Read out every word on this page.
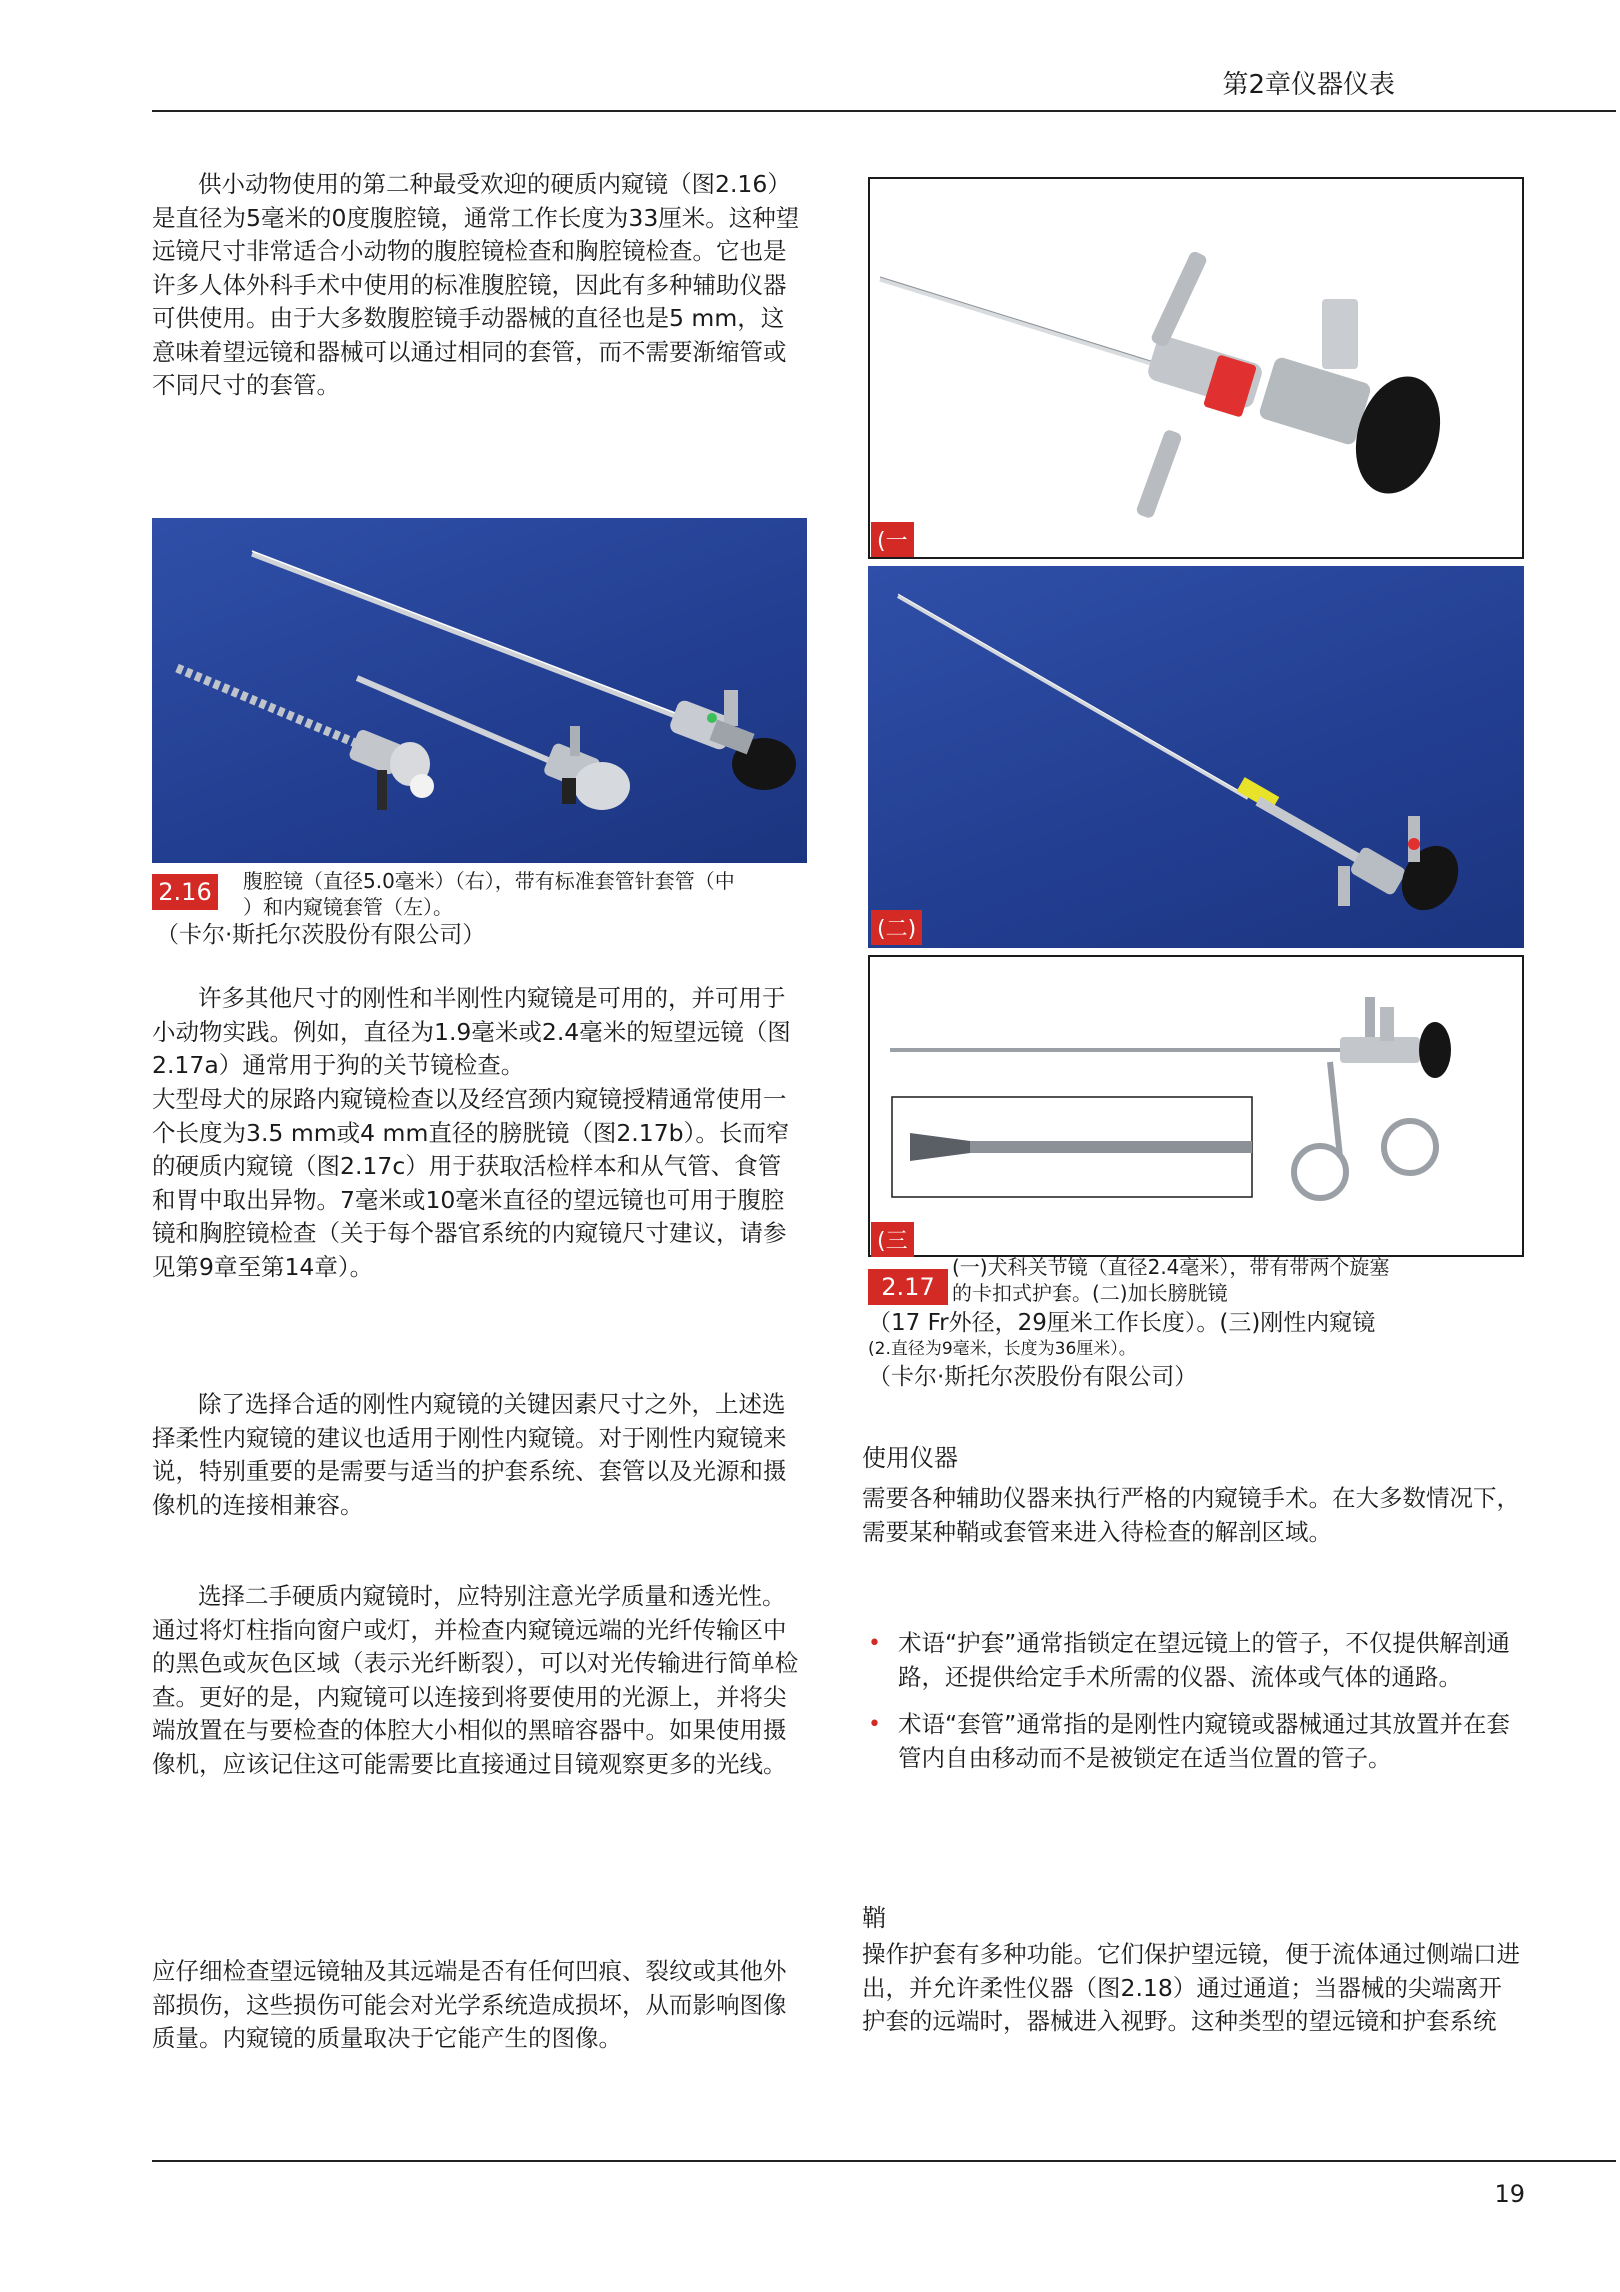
第2章仪器仪表
供小动物使用的第二种最受欢迎的硬质内窥镜（图2.16）是直径为5毫米的0度腹腔镜，通常工作长度为33厘米。这种望远镜尺寸非常适合小动物的腹腔镜检查和胸腔镜检查。它也是许多人体外科手术中使用的标准腹腔镜，因此有多种辅助仪器可供使用。由于大多数腹腔镜手动器械的直径也是5 mm，这意味着望远镜和器械可以通过相同的套管，而不需要渐缩管或不同尺寸的套管。
2.16	腹腔镜（直径5.0毫米）（右），带有标准套管针套管（中
）和内窥镜套管（左）。
（卡尔·斯托尔茨股份有限公司）
许多其他尺寸的刚性和半刚性内窥镜是可用的，并可用于小动物实践。例如，直径为1.9毫米或2.4毫米的短望远镜（图2.17a）通常用于狗的关节镜检查。
大型母犬的尿路内窥镜检查以及经宫颈内窥镜授精通常使用一个长度为3.5 mm或4 mm直径的膀胱镜（图2.17b）。长而窄的硬质内窥镜（图2.17c）用于获取活检样本和从气管、食管和胃中取出异物。7毫米或10毫米直径的望远镜也可用于腹腔镜和胸腔镜检查（关于每个器官系统的内窥镜尺寸建议，请参见第9章至第14章）。
除了选择合适的刚性内窥镜的关键因素尺寸之外，上述选择柔性内窥镜的建议也适用于刚性内窥镜。对于刚性内窥镜来说，特别重要的是需要与适当的护套系统、套管以及光源和摄像机的连接相兼容。
选择二手硬质内窥镜时，应特别注意光学质量和透光性。通过将灯柱指向窗户或灯，并检查内窥镜远端的光纤传输区中的黑色或灰色区域（表示光纤断裂），可以对光传输进行简单检查。更好的是，内窥镜可以连接到将要使用的光源上，并将尖端放置在与要检查的体腔大小相似的黑暗容器中。如果使用摄像机，应该记住这可能需要比直接通过目镜观察更多的光线。
应仔细检查望远镜轴及其远端是否有任何凹痕、裂纹或其他外部损伤，这些损伤可能会对光学系统造成损坏，从而影响图像质量。内窥镜的质量取决于它能产生的图像。
(一
(二)
(三
2.17
(一)犬科关节镜（直径2.4毫米），带有带两个旋塞
的卡扣式护套。(二)加长膀胱镜
（17 Fr外径，29厘米工作长度）。(三)刚性内窥镜
(2.直径为9毫米，长度为36厘米）。
（卡尔·斯托尔茨股份有限公司）
使用仪器
需要各种辅助仪器来执行严格的内窥镜手术。在大多数情况下，需要某种鞘或套管来进入待检查的解剖区域。
• 术语“护套”通常指锁定在望远镜上的管子，不仅提供解剖通路，还提供给定手术所需的仪器、流体或气体的通路。
• 术语“套管”通常指的是刚性内窥镜或器械通过其放置并在套管内自由移动而不是被锁定在适当位置的管子。
鞘
操作护套有多种功能。它们保护望远镜，便于流体通过侧端口进出，并允许柔性仪器（图2.18）通过通道；当器械的尖端离开护套的远端时，器械进入视野。这种类型的望远镜和护套系统
19
